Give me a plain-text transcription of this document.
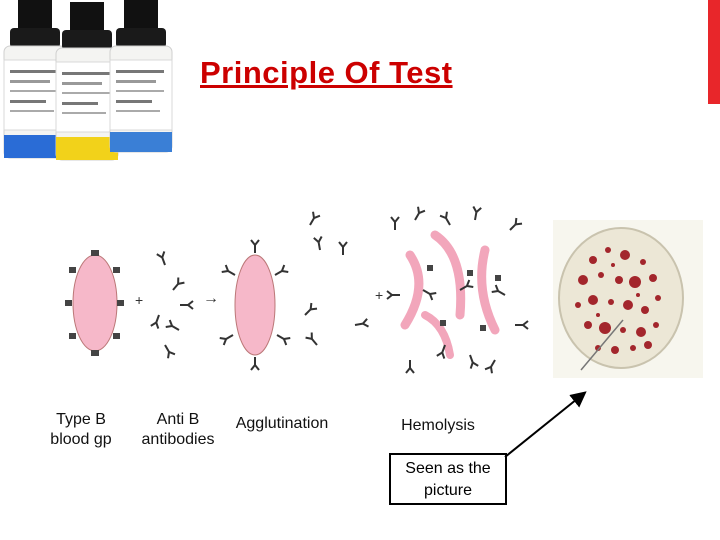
Principle Of Test
+	→	+
Type B
blood gp
Anti B
antibodies
Agglutination	Hemolysis
Seen as the
picture
